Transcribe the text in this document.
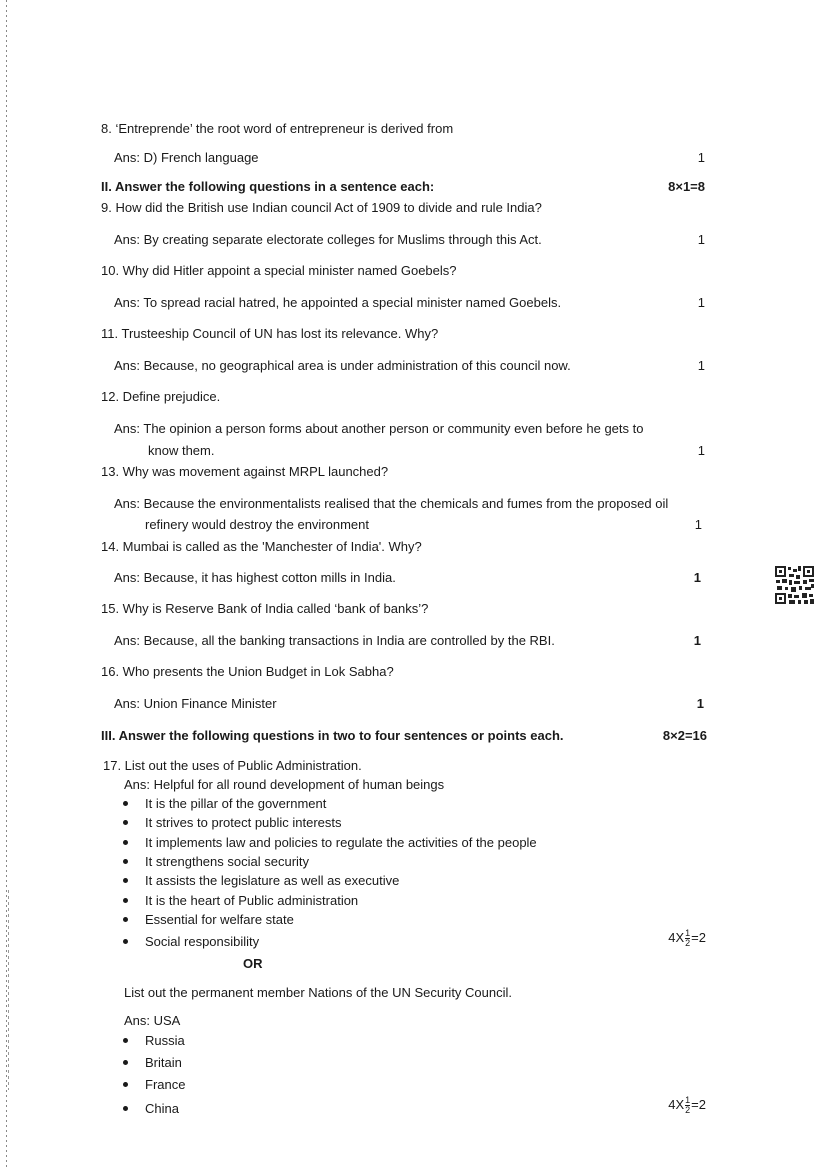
8. ‘Entreprende’ the root word of entrepreneur is derived from
Ans: D) French language	1
II. Answer the following questions in a sentence each:	8×1=8
9. How did the British use Indian council Act of 1909 to divide and rule India?
Ans: By creating separate electorate colleges for Muslims through this Act.	1
10. Why did Hitler appoint a special minister named Goebels?
Ans: To spread racial hatred, he appointed a special minister named Goebels.	1
11. Trusteeship Council of UN has lost its relevance. Why?
Ans: Because, no geographical area is under administration of this council now.	1
12. Define prejudice.
Ans: The opinion a person forms about another person or community even before he gets to
know them.	1
13. Why was movement against MRPL launched?
Ans: Because the environmentalists realised that the chemicals and fumes from the proposed oil
refinery would destroy the environment	1
14. Mumbai is called as the 'Manchester of India'. Why?
Ans: Because, it has highest cotton mills in India.	1
15. Why is Reserve Bank of India called ‘bank of banks’?
Ans: Because, all the banking transactions in India are controlled by the RBI.	1
16. Who presents the Union Budget in Lok Sabha?
Ans: Union Finance Minister	1
III. Answer the following questions in two to four sentences or points each.	8×2=16
17. List out the uses of Public Administration.
Ans: Helpful for all round development of human beings
It is the pillar of the government
It strives to protect public interests
It implements law and policies to regulate the activities of the people
It strengthens social security
It assists the legislature as well as executive
It is the heart of Public administration
Essential for welfare state
Social responsibility	$4X \frac{1}{2} =2$
OR
List out the permanent member Nations of the UN Security Council.
Ans: USA
Russia
Britain
France
China	$4X \frac{1}{2} =2$
